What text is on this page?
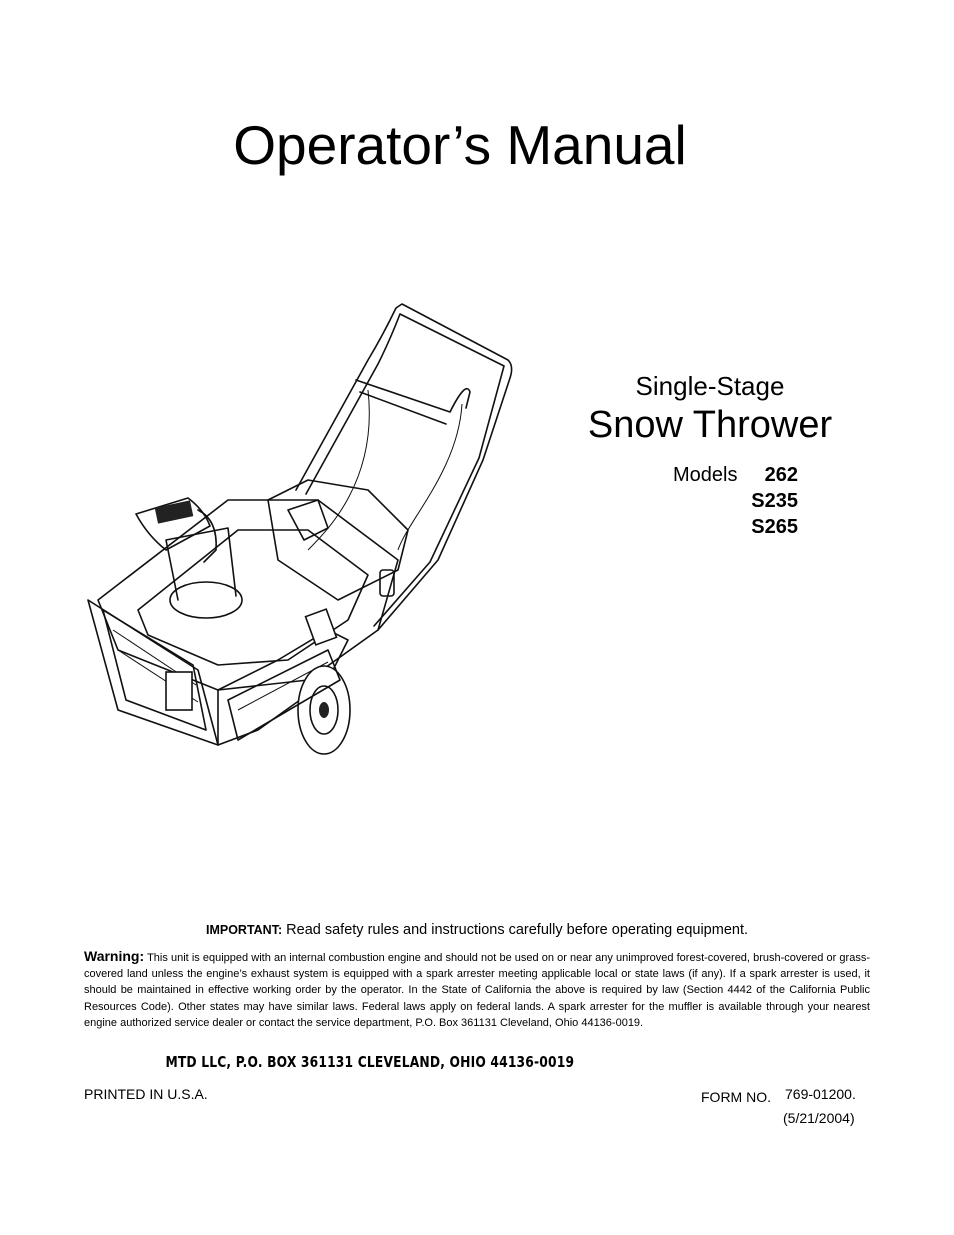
Operator’s Manual
Single-Stage
Snow Thrower
Models	262
S235
S265
IMPORTANT: Read safety rules and instructions carefully before operating equipment.
Warning: This unit is equipped with an internal combustion engine and should not be used on or near any unimproved forest-covered, brush-covered or grass-covered land unless the engine’s exhaust system is equipped with a spark arrester meeting applicable local or state laws (if any). If a spark arrester is used, it should be maintained in effective working order by the operator. In the State of California the above is required by law (Section 4442 of the California Public Resources Code). Other states may have similar laws. Federal laws apply on federal lands. A spark arrester for the muffler is available through your nearest engine authorized service dealer or contact the service department, P.O. Box 361131 Cleveland, Ohio 44136-0019.
MTD LLC, P.O. BOX 361131 CLEVELAND, OHIO 44136-0019
PRINTED IN U.S.A.	FORM NO. 769-01200.
(5/21/2004)
